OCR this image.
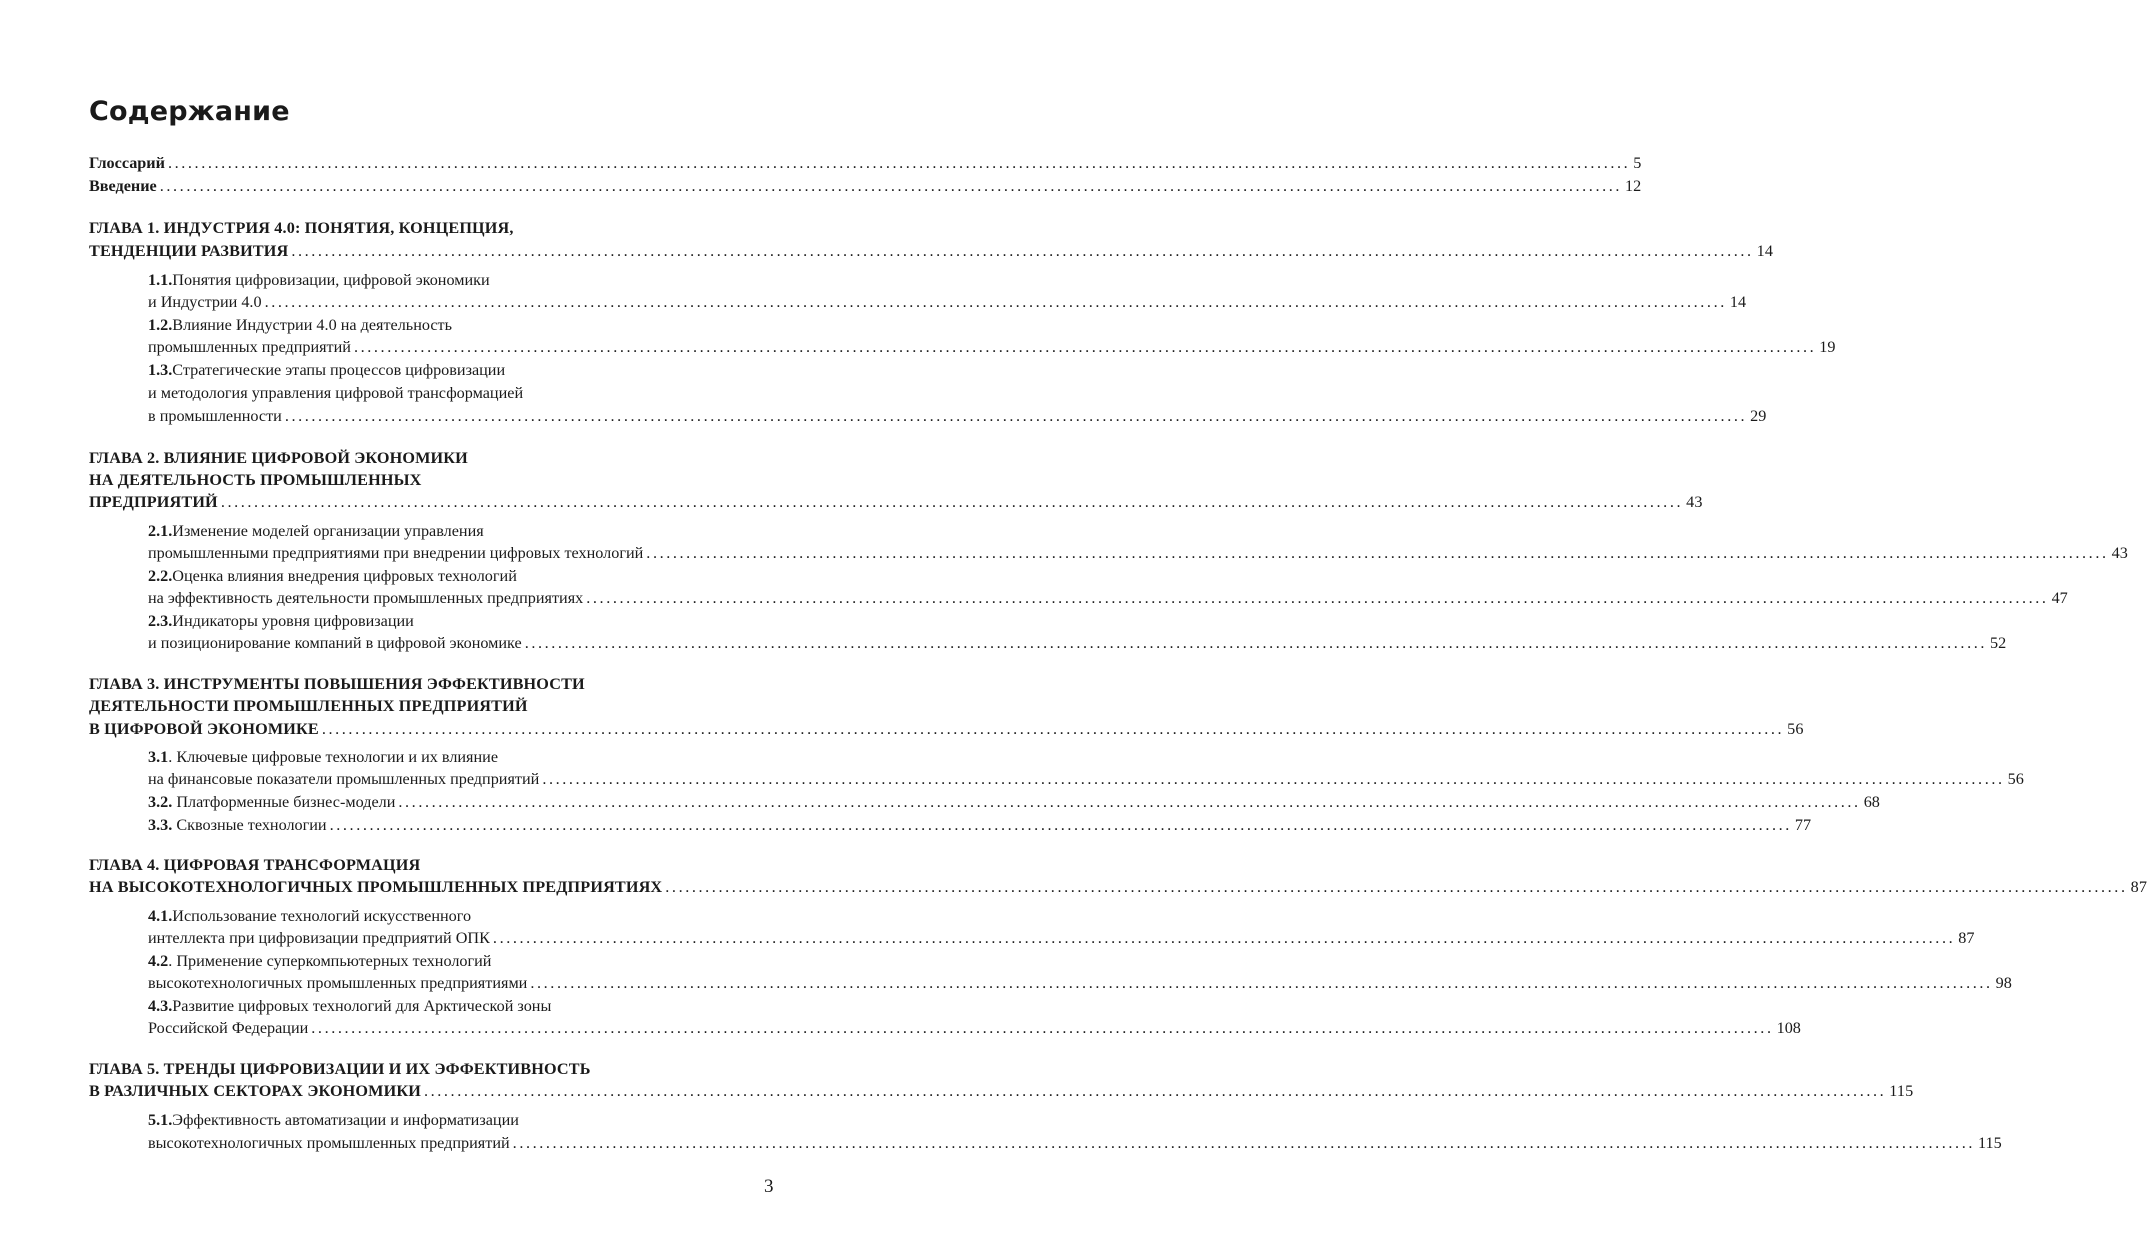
Содержание
Глоссарий ............................................................................................................................................................................................................................ 5
Введение ............................................................................................................................................................................................................................ 12
ГЛАВА 1. ИНДУСТРИЯ 4.0: ПОНЯТИЯ, КОНЦЕПЦИЯ,
ТЕНДЕНЦИИ РАЗВИТИЯ ............................................................................................................................................................................................................................ 14
1.1. Понятия цифровизации, цифровой экономики
и Индустрии 4.0 ............................................................................................................................................................................................................................ 14
1.2. Влияние Индустрии 4.0 на деятельность
промышленных предприятий ............................................................................................................................................................................................................................ 19
1.3. Стратегические этапы процессов цифровизации
и методология управления цифровой трансформацией
в промышленности ............................................................................................................................................................................................................................ 29
ГЛАВА 2. ВЛИЯНИЕ ЦИФРОВОЙ ЭКОНОМИКИ
НА ДЕЯТЕЛЬНОСТЬ ПРОМЫШЛЕННЫХ
ПРЕДПРИЯТИЙ ............................................................................................................................................................................................................................ 43
2.1. Изменение моделей организации управления
промышленными предприятиями при внедрении цифровых технологий ............................................................................................................................................................................................................................ 43
2.2. Оценка влияния внедрения цифровых технологий
на эффективность деятельности промышленных предприятиях ............................................................................................................................................................................................................................ 47
2.3. Индикаторы уровня цифровизации
и позиционирование компаний в цифровой экономике ............................................................................................................................................................................................................................ 52
ГЛАВА 3. ИНСТРУМЕНТЫ ПОВЫШЕНИЯ ЭФФЕКТИВНОСТИ
ДЕЯТЕЛЬНОСТИ ПРОМЫШЛЕННЫХ ПРЕДПРИЯТИЙ
В ЦИФРОВОЙ ЭКОНОМИКЕ ............................................................................................................................................................................................................................ 56
3.1 . Ключевые цифровые технологии и их влияние
на финансовые показатели промышленных предприятий ............................................................................................................................................................................................................................ 56
3.2. Платформенные бизнес-модели ............................................................................................................................................................................................................................ 68
3.3. Сквозные технологии ............................................................................................................................................................................................................................ 77
ГЛАВА 4. ЦИФРОВАЯ ТРАНСФОРМАЦИЯ
НА ВЫСОКОТЕХНОЛОГИЧНЫХ ПРОМЫШЛЕННЫХ ПРЕДПРИЯТИЯХ ............................................................................................................................................................................................................................ 87
4.1. Использование технологий искусственного
интеллекта при цифровизации предприятий ОПК ............................................................................................................................................................................................................................ 87
4.2 . Применение суперкомпьютерных технологий
высокотехнологичных промышленных предприятиями ............................................................................................................................................................................................................................ 98
4.3. Развитие цифровых технологий для Арктической зоны
Российской Федерации ............................................................................................................................................................................................................................ 108
ГЛАВА 5. ТРЕНДЫ ЦИФРОВИЗАЦИИ И ИХ ЭФФЕКТИВНОСТЬ
В РАЗЛИЧНЫХ СЕКТОРАХ ЭКОНОМИКИ ............................................................................................................................................................................................................................ 115
5.1. Эффективность автоматизации и информатизации
высокотехнологичных промышленных предприятий ............................................................................................................................................................................................................................ 115
3
